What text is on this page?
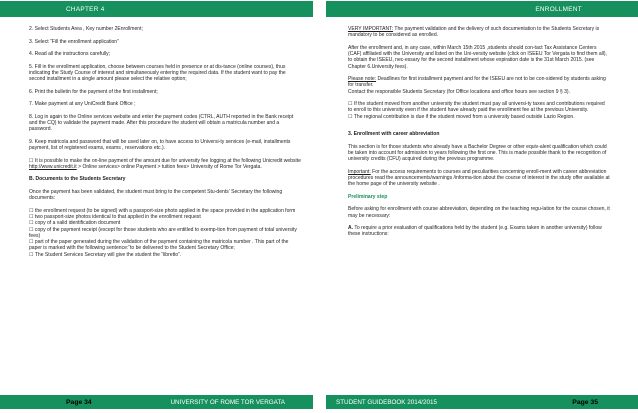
CHAPTER 4	ENROLLMENT

2. Select Students Area , Key number 2Enrollment;

3. Select “Fill the enrollment application”

4. Read all the instructions carefully;

5. Fill in the enrollment application, choose between courses held in presence or at dis-tance (online courses), thus indicating the Study Course of interest and simultaneously entering the required data. If the student want to pay the second installment in a single amount please select the relative option;

6. Print the bulletin for the payment of the first installment;

7. Make payment at any UniCredit Bank Office ;

8. Log in again to the Online services website and enter the payment codes (CTRL, AUTH reported in the Bank receipt and the CQ) to validate the payment made. After this procedure the student will obtain a matricula number and a password.

9. Keep matricola and password that will be used later on, to have access to Universi-ty services (e-mail, installments payment, list of registered exams, exams , reservations etc.).

☐ It is possible to make the on-line payment of the amount due for university fee logging at the following Unicredit website http://www.unicredit.it > Online services> online Payment > tuition fees> University of Rome Tor Vergata.

B. Documents to the Students Secretary

Once the payment has been validated, the student must bring to the competent Stu-dents’ Secretary the following documents:

☐ the enrollment request (to be signed) with a passport-size photo applied in the space provided in the application form

☐ two passport-size photos identical to that applied in the enrollment request

☐ copy of a valid identification document

☐ copy of the payment receipt (except for those students who are entitled to exemp-tion from payment of total university fees)

☐ part of the paper generated during the validation of the payment containing the matricola number . This part of the paper is marked with the following sentence:“to be delivered to the Student Secretary Office;

☐ The Student Services Secretary will give the student the “libretto”.

VERY IMPORTANT: The payment validation and the delivery of such documentation to the Students Secretary is mandatory to be considered as enrolled.

After the enrollment and, in any case, within March 15th 2015 ,students should con-tact Tax Assistance Centers (CAF) affiliated with the University and listed on the Uni-versity website (click on ISEEU Tor Vergata to find them all), to obtain the ISEEU, nec-essary for the second installment whose expiration date is the 31st March 2015. (see Chapter 6.University fees).

Please note: Deadlines for first installment payment and for the ISEEU are not to be con-sidered by students asking for transfer.

Contact the responsible Students Secretary (for Office locations and office hours see section 9 § 3).

☐ If the student moved from another university the student must pay all universi-ty taxes and contributions required to enroll to this university even if the student have already paid the enrollment fee at the previous University.

☐ The regional contribution is due if the student moved from a university based outside Lazio Region.

3. Enrollment with career abbreviation

This section is for those students who already have a Bachelor Degree or other equiv-alent qualification which could be taken into account for admission to years following the first one. This is made possible thank to the recognition of university credits (CFU) acquired during the previous programme.

Important: For the access requirements to courses and peculiarities concerning enroll-ment with career abbreviation procedures read the announcements/warnings /informa-tion about the course of interest in the study offer available at the home page of the university website .

Preliminary step

Before asking for enrollment with course abbreviation, depending on the teaching regu-lation for the course chosen, it may be necessary:

A. To require a prior evaluation of qualifications held by the student (e.g. Exams taken in another university) follow these instructions:

Page 34	UNIVERSITY OF ROME TOR VERGATA	STUDENT GUIDEBOOK 2014/2015	Page 35
